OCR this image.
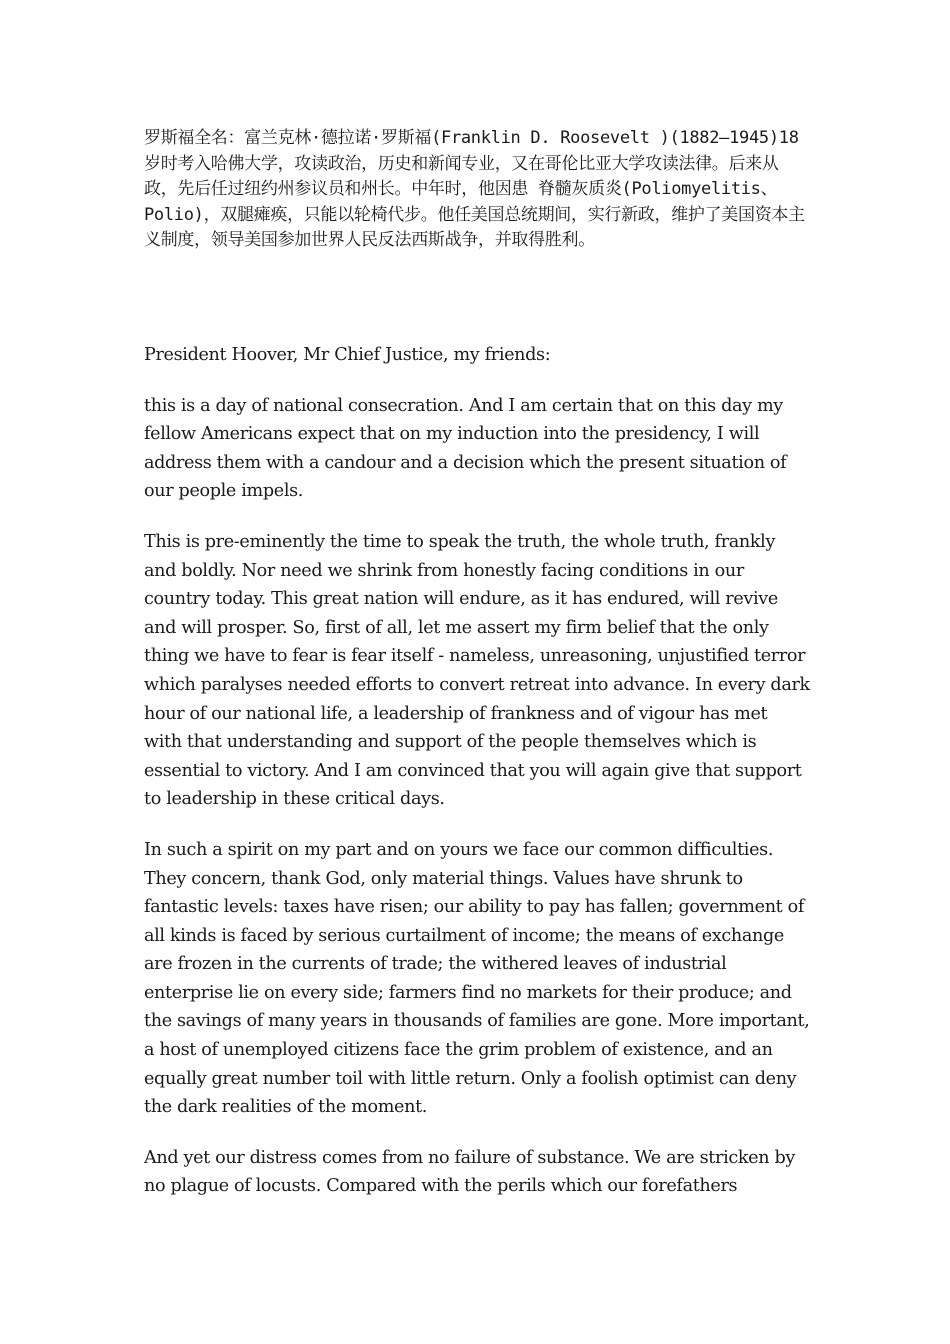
罗斯福全名：富兰克林·德拉诺·罗斯福(Franklin D. Roosevelt )(1882—1945)18岁时考入哈佛大学，攻读政治，历史和新闻专业，又在哥伦比亚大学攻读法律。后来从政，先后任过纽约州参议员和州长。中年时，他因患 脊髓灰质炎(Poliomyelitis、Polio)，双腿瘫痪，只能以轮椅代步。他任美国总统期间，实行新政，维护了美国资本主义制度，领导美国参加世界人民反法西斯战争，并取得胜利。

President Hoover, Mr Chief Justice, my friends:

this is a day of national consecration. And I am certain that on this day my fellow Americans expect that on my induction into the presidency, I will address them with a candour and a decision which the present situation of our people impels.

This is pre-eminently the time to speak the truth, the whole truth, frankly and boldly. Nor need we shrink from honestly facing conditions in our country today. This great nation will endure, as it has endured, will revive and will prosper. So, first of all, let me assert my firm belief that the only thing we have to fear is fear itself - nameless, unreasoning, unjustified terror which paralyses needed efforts to convert retreat into advance. In every dark hour of our national life, a leadership of frankness and of vigour has met with that understanding and support of the people themselves which is essential to victory. And I am convinced that you will again give that support to leadership in these critical days.

In such a spirit on my part and on yours we face our common difficulties. They concern, thank God, only material things. Values have shrunk to fantastic levels: taxes have risen; our ability to pay has fallen; government of all kinds is faced by serious curtailment of income; the means of exchange are frozen in the currents of trade; the withered leaves of industrial enterprise lie on every side; farmers find no markets for their produce; and the savings of many years in thousands of families are gone. More important, a host of unemployed citizens face the grim problem of existence, and an equally great number toil with little return. Only a foolish optimist can deny the dark realities of the moment.

And yet our distress comes from no failure of substance. We are stricken by no plague of locusts. Compared with the perils which our forefathers
